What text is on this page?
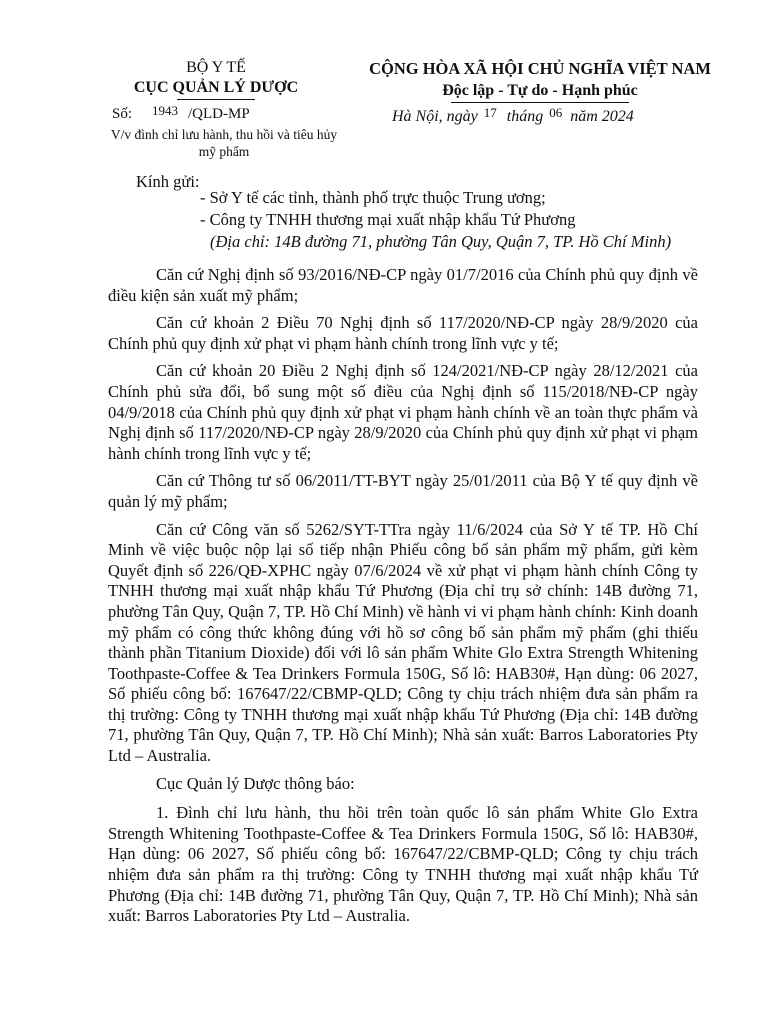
BỘ Y TẾ
CỤC QUẢN LÝ DƯỢC
CỘNG HÒA XÃ HỘI CHỦ NGHĨA VIỆT NAM
Độc lập - Tự do - Hạnh phúc
Số: 1943 /QLD-MP
V/v đình chỉ lưu hành, thu hồi và tiêu hủy mỹ phẩm
Hà Nội, ngày 17 tháng 06 năm 2024
Kính gửi:
- Sở Y tế các tỉnh, thành phố trực thuộc Trung ương;
- Công ty TNHH thương mại xuất nhập khẩu Tứ Phương
(Địa chỉ: 14B đường 71, phường Tân Quy, Quận 7, TP. Hồ Chí Minh)

Căn cứ Nghị định số 93/2016/NĐ-CP ngày 01/7/2016 của Chính phủ quy định về điều kiện sản xuất mỹ phẩm;

Căn cứ khoản 2 Điều 70 Nghị định số 117/2020/NĐ-CP ngày 28/9/2020 của Chính phủ quy định xử phạt vi phạm hành chính trong lĩnh vực y tế;

Căn cứ khoản 20 Điều 2 Nghị định số 124/2021/NĐ-CP ngày 28/12/2021 của Chính phủ sửa đổi, bổ sung một số điều của Nghị định số 115/2018/NĐ-CP ngày 04/9/2018 của Chính phủ quy định xử phạt vi phạm hành chính về an toàn thực phẩm và Nghị định số 117/2020/NĐ-CP ngày 28/9/2020 của Chính phủ quy định xử phạt vi phạm hành chính trong lĩnh vực y tế;

Căn cứ Thông tư số 06/2011/TT-BYT ngày 25/01/2011 của Bộ Y tế quy định về quản lý mỹ phẩm;

Căn cứ Công văn số 5262/SYT-TTra ngày 11/6/2024 của Sở Y tế TP. Hồ Chí Minh về việc buộc nộp lại số tiếp nhận Phiếu công bố sản phẩm mỹ phẩm, gửi kèm Quyết định số 226/QĐ-XPHC ngày 07/6/2024 về xử phạt vi phạm hành chính Công ty TNHH thương mại xuất nhập khẩu Tứ Phương (Địa chỉ trụ sở chính: 14B đường 71, phường Tân Quy, Quận 7, TP. Hồ Chí Minh) về hành vi vi phạm hành chính: Kinh doanh mỹ phẩm có công thức không đúng với hồ sơ công bố sản phẩm mỹ phẩm (ghi thiếu thành phần Titanium Dioxide) đối với lô sản phẩm White Glo Extra Strength Whitening Toothpaste-Coffee & Tea Drinkers Formula 150G, Số lô: HAB30#, Hạn dùng: 06 2027, Số phiếu công bố: 167647/22/CBMP-QLD; Công ty chịu trách nhiệm đưa sản phẩm ra thị trường: Công ty TNHH thương mại xuất nhập khẩu Tứ Phương (Địa chỉ: 14B đường 71, phường Tân Quy, Quận 7, TP. Hồ Chí Minh); Nhà sản xuất: Barros Laboratories Pty Ltd – Australia.

Cục Quản lý Dược thông báo:

1. Đình chỉ lưu hành, thu hồi trên toàn quốc lô sản phẩm White Glo Extra Strength Whitening Toothpaste-Coffee & Tea Drinkers Formula 150G, Số lô: HAB30#, Hạn dùng: 06 2027, Số phiếu công bố: 167647/22/CBMP-QLD; Công ty chịu trách nhiệm đưa sản phẩm ra thị trường: Công ty TNHH thương mại xuất nhập khẩu Tứ Phương (Địa chỉ: 14B đường 71, phường Tân Quy, Quận 7, TP. Hồ Chí Minh); Nhà sản xuất: Barros Laboratories Pty Ltd – Australia.
